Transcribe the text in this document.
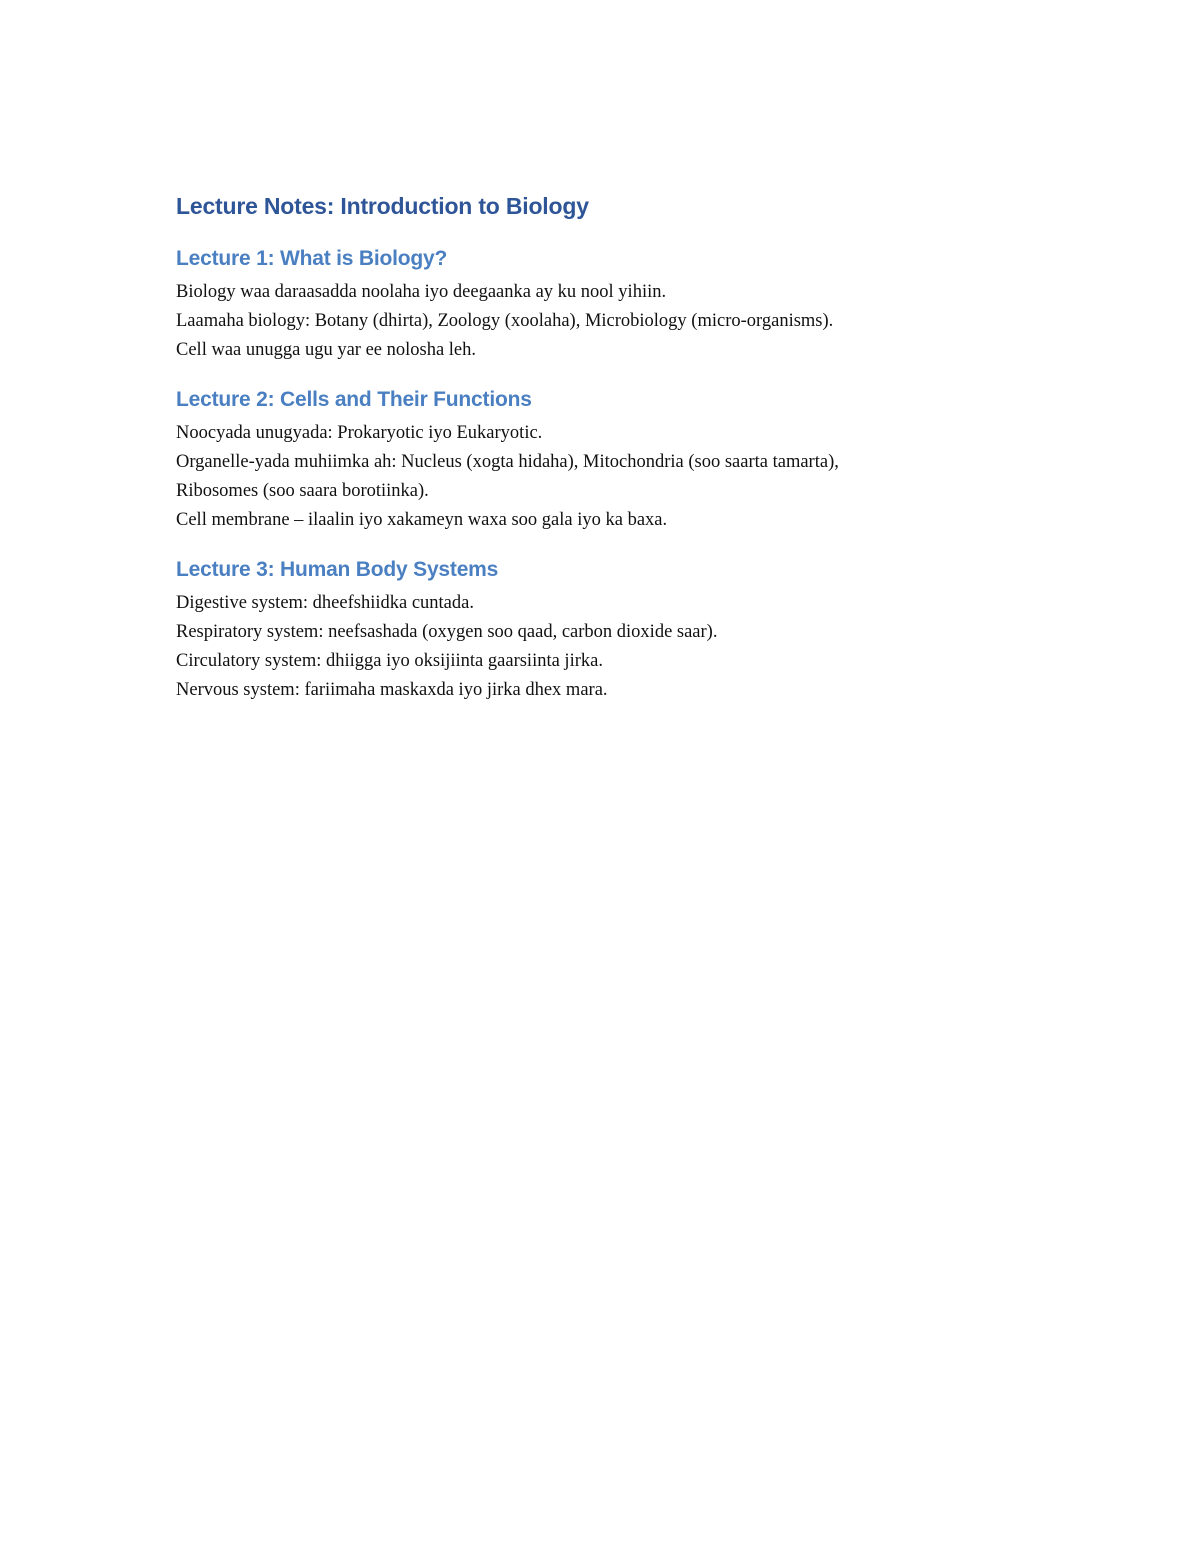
Lecture Notes: Introduction to Biology
Lecture 1: What is Biology?

Biology waa daraasadda noolaha iyo deegaanka ay ku nool yihiin.

Laamaha biology: Botany (dhirta), Zoology (xoolaha), Microbiology (micro-organisms).

Cell waa unugga ugu yar ee nolosha leh.

Lecture 2: Cells and Their Functions

Noocyada unugyada: Prokaryotic iyo Eukaryotic.

Organelle-yada muhiimka ah: Nucleus (xogta hidaha), Mitochondria (soo saarta tamarta),

Ribosomes (soo saara borotiinka).

Cell membrane – ilaalin iyo xakameyn waxa soo gala iyo ka baxa.

Lecture 3: Human Body Systems

Digestive system: dheefshiidka cuntada.

Respiratory system: neefsashada (oxygen soo qaad, carbon dioxide saar).

Circulatory system: dhiigga iyo oksijiinta gaarsiinta jirka.

Nervous system: fariimaha maskaxda iyo jirka dhex mara.
